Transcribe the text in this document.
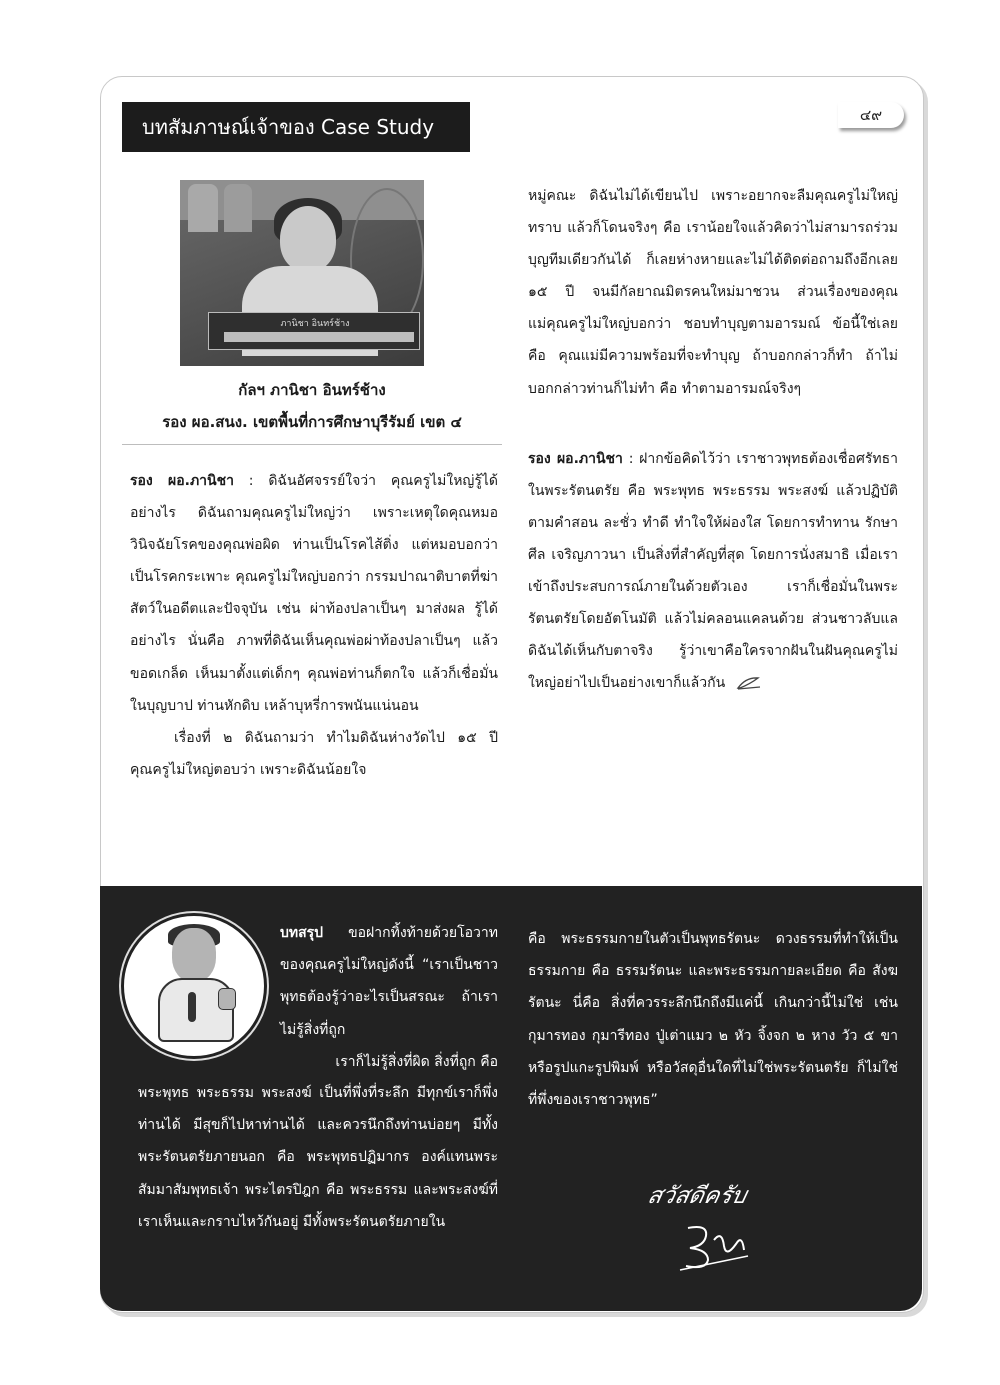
บทสัมภาษณ์เจ้าของ Case Study	๔๙
ภานิชา อินทร์ช้าง
กัลฯ ภานิชา อินทร์ช้าง
รอง ผอ.สนง. เขตพื้นที่การศึกษาบุรีรัมย์ เขต ๔

รอง ผอ.ภานิชา : ดิฉันอัศจรรย์ใจว่า คุณครูไม่ใหญ่รู้ได้อย่างไร ดิฉันถามคุณครูไม่ใหญ่ว่า เพราะเหตุใดคุณหมอวินิจฉัยโรคของคุณพ่อผิด ท่านเป็นโรคไส้ติ่ง แต่หมอบอกว่าเป็นโรคกระเพาะ คุณครูไม่ใหญ่บอกว่า กรรมปาณาติบาตที่ฆ่าสัตว์ในอดีตและปัจจุบัน เช่น ผ่าท้องปลาเป็นๆ มาส่งผล รู้ได้อย่างไร นั่นคือ ภาพที่ดิฉันเห็นคุณพ่อผ่าท้องปลาเป็นๆ แล้วขอดเกล็ด เห็นมาตั้งแต่เด็กๆ คุณพ่อท่านก็ตกใจ แล้วก็เชื่อมั่นในบุญบาป ท่านหักดิบ เหล้าบุหรี่การพนันแน่นอน

เรื่องที่ ๒ ดิฉันถามว่า ทำไมดิฉันห่างวัดไป ๑๕ ปี คุณครูไม่ใหญ่ตอบว่า เพราะดิฉันน้อยใจ

หมู่คณะ ดิฉันไม่ได้เขียนไป เพราะอยากจะลืมคุณครูไม่ใหญ่ทราบ แล้วก็โดนจริงๆ คือ เราน้อยใจแล้วคิดว่าไม่สามารถร่วมบุญทีมเดียวกันได้ ก็เลยห่างหายและไม่ได้ติดต่อถามถึงอีกเลย ๑๕ ปี จนมีกัลยาณมิตรคนใหม่มาชวน ส่วนเรื่องของคุณแม่คุณครูไม่ใหญ่บอกว่า ชอบทำบุญตามอารมณ์ ข้อนี้ใช่เลย คือ คุณแม่มีความพร้อมที่จะทำบุญ ถ้าบอกกล่าวก็ทำ ถ้าไม่บอกกล่าวท่านก็ไม่ทำ คือ ทำตามอารมณ์จริงๆ

รอง ผอ.ภานิชา : ฝากข้อคิดไว้ว่า เราชาวพุทธต้องเชื่อศรัทธาในพระรัตนตรัย คือ พระพุทธ พระธรรม พระสงฆ์ แล้วปฏิบัติตามคำสอน ละชั่ว ทำดี ทำใจให้ผ่องใส โดยการทำทาน รักษาศีล เจริญภาวนา เป็นสิ่งที่สำคัญที่สุด โดยการนั่งสมาธิ เมื่อเราเข้าถึงประสบการณ์ภายในด้วยตัวเอง เราก็เชื่อมั่นในพระรัตนตรัยโดยอัตโนมัติ แล้วไม่คลอนแคลนด้วย ส่วนชาวลับแล ดิฉันได้เห็นกับตาจริง รู้ว่าเขาคือใครจากฝันในฝันคุณครูไม่ใหญ่อย่าไปเป็นอย่างเขาก็แล้วกัน

บทสรุป ขอฝากทิ้งท้ายด้วยโอวาทของคุณครูไม่ใหญ่ดังนี้ “เราเป็นชาวพุทธต้องรู้ว่าอะไรเป็นสรณะ ถ้าเราไม่รู้สิ่งที่ถูก

เราก็ไม่รู้สิ่งที่ผิด สิ่งที่ถูก คือ

พระพุทธ พระธรรม พระสงฆ์ เป็นที่พึ่งที่ระลึก มีทุกข์เราก็พึ่งท่านได้ มีสุขก็ไปหาท่านได้ และควรนึกถึงท่านบ่อยๆ มีทั้งพระรัตนตรัยภายนอก คือ พระพุทธปฏิมากร องค์แทนพระสัมมาสัมพุทธเจ้า พระไตรปิฎก คือ พระธรรม และพระสงฆ์ที่เราเห็นและกราบไหว้กันอยู่ มีทั้งพระรัตนตรัยภายใน

คือ พระธรรมกายในตัวเป็นพุทธรัตนะ ดวงธรรมที่ทำให้เป็นธรรมกาย คือ ธรรมรัตนะ และพระธรรมกายละเอียด คือ สังฆรัตนะ นี่คือ สิ่งที่ควรระลึกนึกถึงมีแค่นี้ เกินกว่านี้ไม่ใช่ เช่น กุมารทอง กุมารีทอง ปู่เต่าแมว ๒ หัว จิ้งจก ๒ หาง วัว ๕ ขา หรือรูปแกะรูปพิมพ์ หรือวัสดุอื่นใดที่ไม่ใช่พระรัตนตรัย ก็ไม่ใช่ที่พึ่งของเราชาวพุทธ”

สวัสดีครับ
